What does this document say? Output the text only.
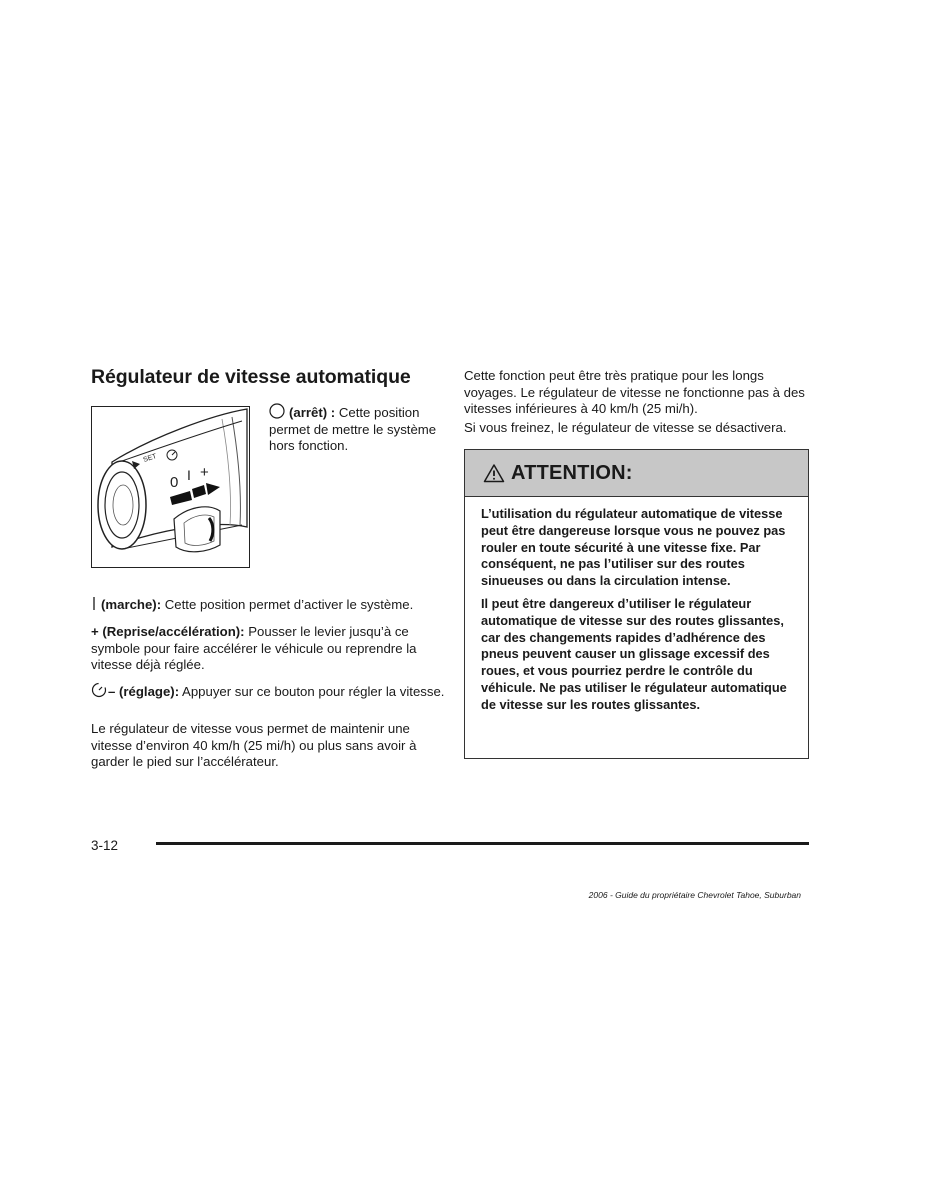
Régulateur de vitesse automatique
SET
0 I +
(arrêt) : Cette position permet de mettre le système hors fonction.
(marche): Cette position permet d’activer le système.
+ (Reprise/accélération): Pousser le levier jusqu’à ce symbole pour faire accélérer le véhicule ou reprendre la vitesse déjà réglée.
– (réglage): Appuyer sur ce bouton pour régler la vitesse.

Le régulateur de vitesse vous permet de maintenir une vitesse d’environ 40 km/h (25 mi/h) ou plus sans avoir à garder le pied sur l’accélérateur.

Cette fonction peut être très pratique pour les longs voyages. Le régulateur de vitesse ne fonctionne pas à des vitesses inférieures à 40 km/h (25 mi/h).

Si vous freinez, le régulateur de vitesse se désactivera.

ATTENTION:

L’utilisation du régulateur automatique de vitesse peut être dangereuse lorsque vous ne pouvez pas rouler en toute sécurité à une vitesse fixe. Par conséquent, ne pas l’utiliser sur des routes sinueuses ou dans la circulation intense.

Il peut être dangereux d’utiliser le régulateur automatique de vitesse sur des routes glissantes, car des changements rapides d’adhérence des pneus peuvent causer un glissage excessif des roues, et vous pourriez perdre le contrôle du véhicule. Ne pas utiliser le régulateur automatique de vitesse sur les routes glissantes.

3-12
2006 - Guide du propriétaire Chevrolet Tahoe, Suburban
